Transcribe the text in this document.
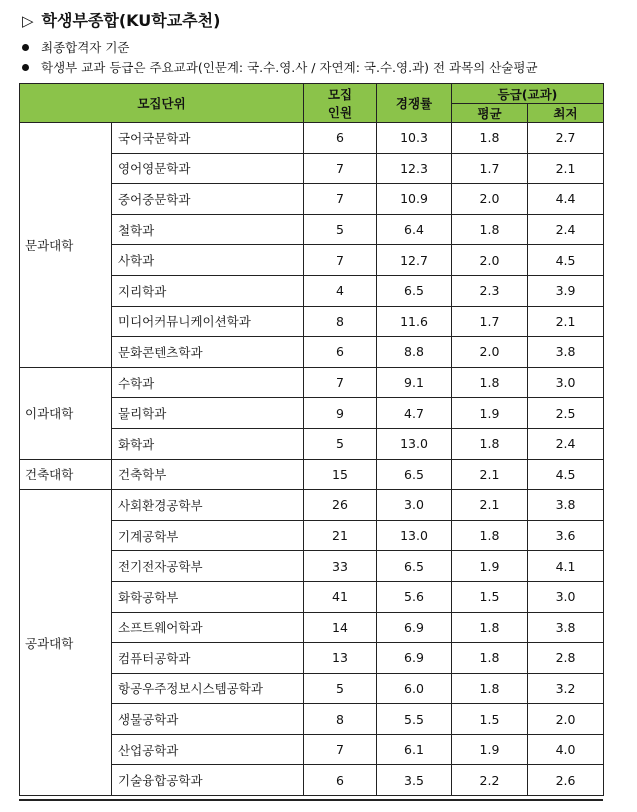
▷ 학생부종합(KU학교추천)
최종합격자 기준
학생부 교과 등급은 주요교과(인문계: 국.수.영.사 / 자연계: 국.수.영.과) 전 과목의 산술평균
모집단위		모집
인원	경쟁률	등급(교과)	
				평균	최저
문과대학	국어국문학과	6	10.3	1.8	2.7
	영어영문학과	7	12.3	1.7	2.1
	중어중문학과	7	10.9	2.0	4.4
	철학과	5	6.4	1.8	2.4
	사학과	7	12.7	2.0	4.5
	지리학과	4	6.5	2.3	3.9
	미디어커뮤니케이션학과	8	11.6	1.7	2.1
	문화콘텐츠학과	6	8.8	2.0	3.8
이과대학	수학과	7	9.1	1.8	3.0
	물리학과	9	4.7	1.9	2.5
	화학과	5	13.0	1.8	2.4
건축대학	건축학부	15	6.5	2.1	4.5
공과대학	사회환경공학부	26	3.0	2.1	3.8
	기계공학부	21	13.0	1.8	3.6
	전기전자공학부	33	6.5	1.9	4.1
	화학공학부	41	5.6	1.5	3.0
	소프트웨어학과	14	6.9	1.8	3.8
	컴퓨터공학과	13	6.9	1.8	2.8
	항공우주정보시스템공학과	5	6.0	1.8	3.2
	생물공학과	8	5.5	1.5	2.0
	산업공학과	7	6.1	1.9	4.0
	기술융합공학과	6	3.5	2.2	2.6
